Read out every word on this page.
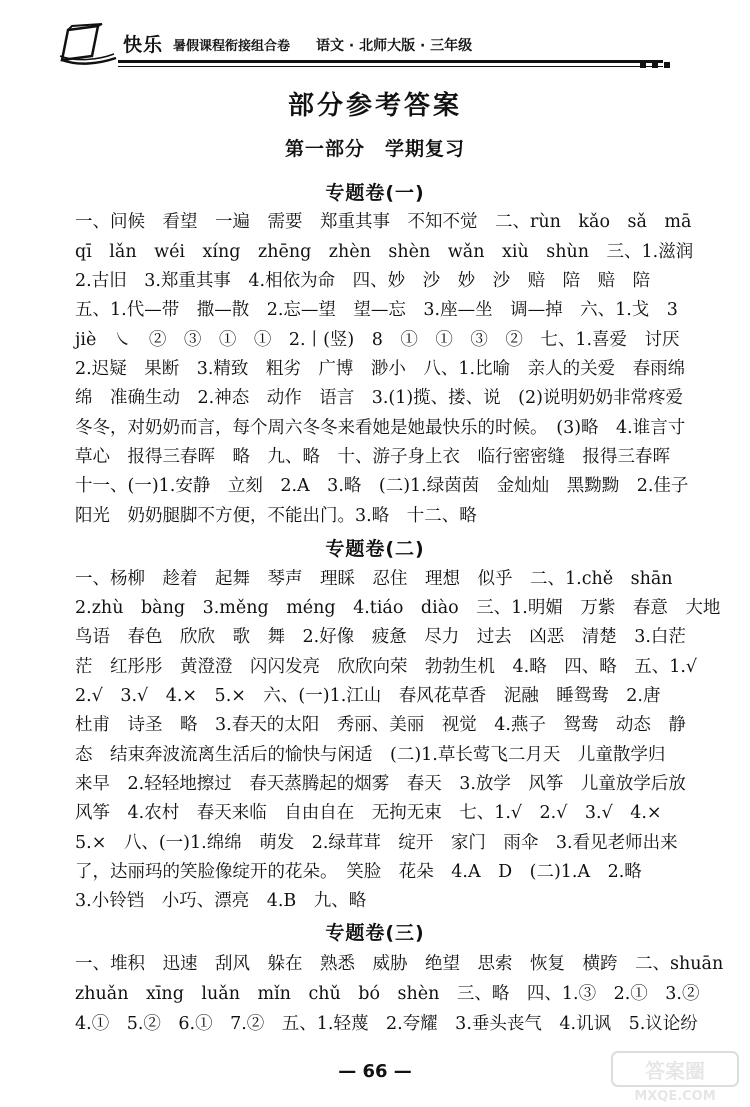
快乐 暑假课程衔接组合卷 语文 · 北师大版 · 三年级
部分参考答案
第一部分　学期复习
专题卷(一)
一、问候　看望　一遍　需要　郑重其事　不知不觉　二、rùn　kǎo　sǎ　mā
qī　lǎn　wéi　xíng　zhēng　zhèn　shèn　wǎn　xiù　shùn　三、1.滋润
2.古旧　3.郑重其事　4.相依为命　四、妙　沙　妙　沙　赔　陪　赔　陪
五、1.代—带　撒—散　2.忘—望　望—忘　3.座—坐　调—掉　六、1.戈　3
jiè　㇏　②　③　①　①　2.丨(竖)　8　①　①　③　②　七、1.喜爱　讨厌
2.迟疑　果断　3.精致　粗劣　广博　渺小　八、1.比喻　亲人的关爱　春雨绵
绵　准确生动　2.神态　动作　语言　3.(1)揽、搂、说　(2)说明奶奶非常疼爱
冬冬，对奶奶而言，每个周六冬冬来看她是她最快乐的时候。　(3)略　4.谁言寸
草心　报得三春晖　略　九、略　十、游子身上衣　临行密密缝　报得三春晖
十一、(一)1.安静　立刻　2.A　3.略　(二)1.绿茵茵　金灿灿　黑黝黝　2.佳子
阳光　奶奶腿脚不方便，不能出门。3.略　十二、略
专题卷(二)
一、杨柳　趁着　起舞　琴声　理睬　忍住　理想　似乎　二、1.chě　shān
2.zhù　bàng　3.měng　méng　4.tiáo　diào　三、1.明媚　万紫　春意　大地
鸟语　春色　欣欣　歌　舞　2.好像　疲惫　尽力　过去　凶恶　清楚　3.白茫
茫　红彤彤　黄澄澄　闪闪发亮　欣欣向荣　勃勃生机　4.略　四、略　五、1.√
2.√　3.√　4.×　5.×　六、(一)1.江山　春风花草香　泥融　睡鸳鸯　2.唐
杜甫　诗圣　略　3.春天的太阳　秀丽、美丽　视觉　4.燕子　鸳鸯　动态　静
态　结束奔波流离生活后的愉快与闲适　(二)1.草长莺飞二月天　儿童散学归
来早　2.轻轻地擦过　春天蒸腾起的烟雾　春天　3.放学　风筝　儿童放学后放
风筝　4.农村　春天来临　自由自在　无拘无束　七、1.√　2.√　3.√　4.×
5.×　八、(一)1.绵绵　萌发　2.绿茸茸　绽开　家门　雨伞　3.看见老师出来
了，达丽玛的笑脸像绽开的花朵。　笑脸　花朵　4.A　D　(二)1.A　2.略
3.小铃铛　小巧、漂亮　4.B　九、略
专题卷(三)
一、堆积　迅速　刮风　躲在　熟悉　威胁　绝望　思索　恢复　横跨　二、shuān
zhuǎn　xīng　luǎn　mǐn　chǔ　bó　shèn　三、略　四、1.③　2.①　3.②
4.①　5.②　6.①　7.②　五、1.轻蔑　2.夸耀　3.垂头丧气　4.讥讽　5.议论纷
— 66 —	答案圈
MXQE.COM
